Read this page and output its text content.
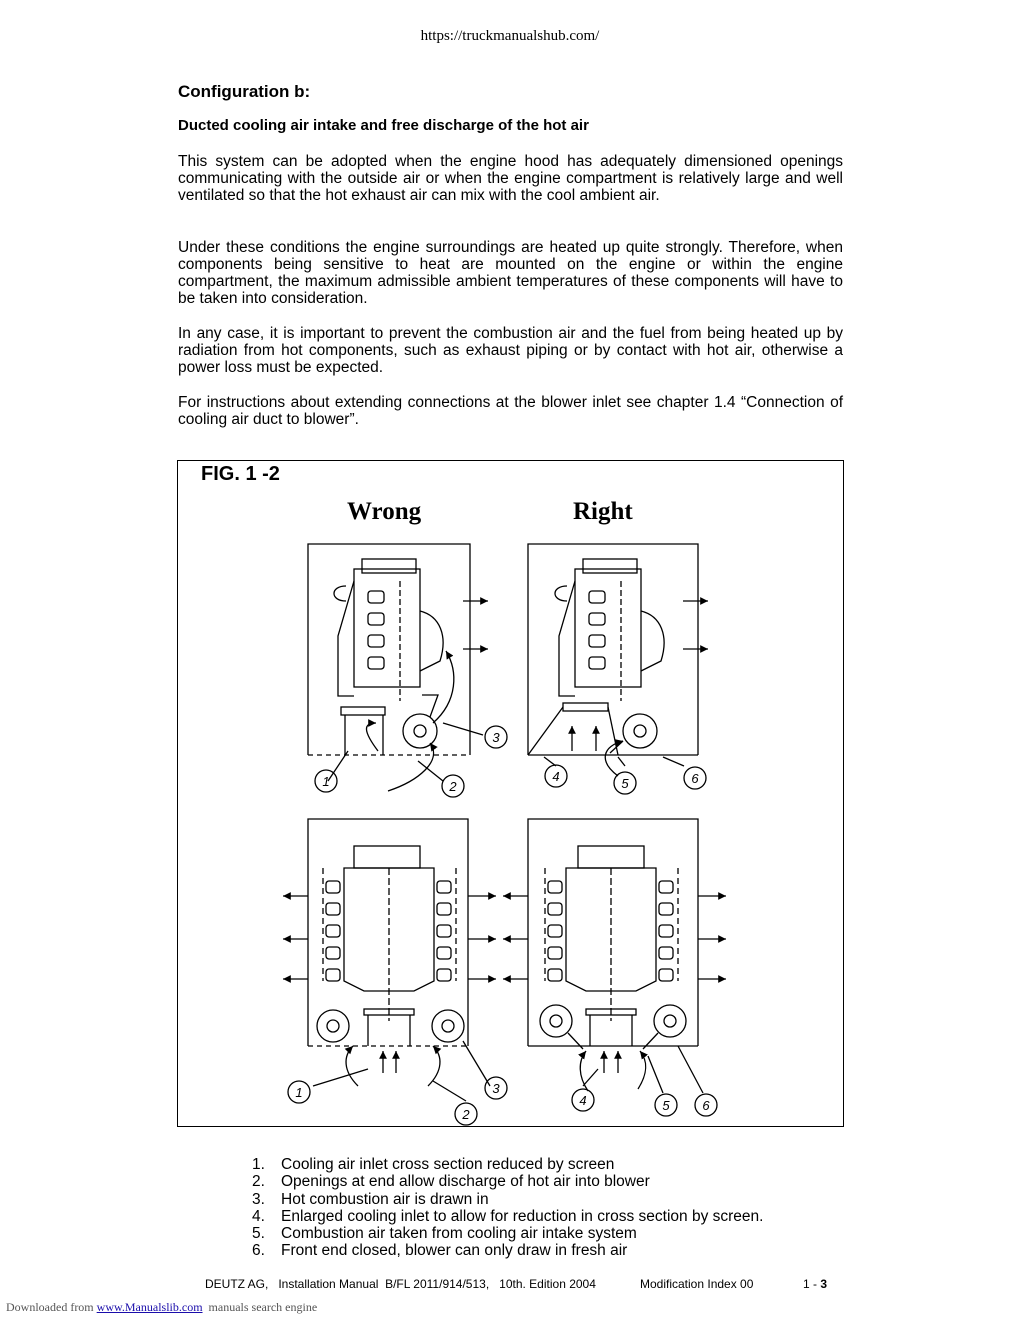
https://truckmanualshub.com/
Configuration b:
Ducted cooling air intake and free discharge of the hot air

This system can be adopted when the engine hood has adequately dimensioned openings communicating with the outside air or when the engine compartment is relatively large and well ventilated so that the hot exhaust air can mix with the cool ambient air.

Under these conditions the engine surroundings are heated up quite strongly. Therefore, when components being sensitive to heat are mounted on the engine or within the engine compartment, the maximum admissible ambient temperatures of these components will have to be taken into consideration.

In any case, it is important to prevent the combustion air and the fuel from being heated up by radiation from hot components, such as exhaust piping or by contact with hot air, otherwise a power loss must be expected.

For instructions about extending connections at the blower inlet see chapter 1.4 “Connection of cooling air duct to blower”.

FIG. 1 -2
Wrong	Right
1	2
3
4	5	6
1
2
3
4	5	6
1.	Cooling air inlet cross section reduced by screen
2.	Openings at end allow discharge of hot air into blower
3.	Hot combustion air is drawn in
4.	Enlarged cooling inlet to allow for reduction in cross section by screen.
5.	Combustion air taken from cooling air intake system
6.	Front end closed, blower can only draw in fresh air
DEUTZ AG,   Installation Manual  B/FL 2011/914/513,   10th. Edition 2004	Modification Index 00	1 - 3
Downloaded from www.Manualslib.com  manuals search engine
